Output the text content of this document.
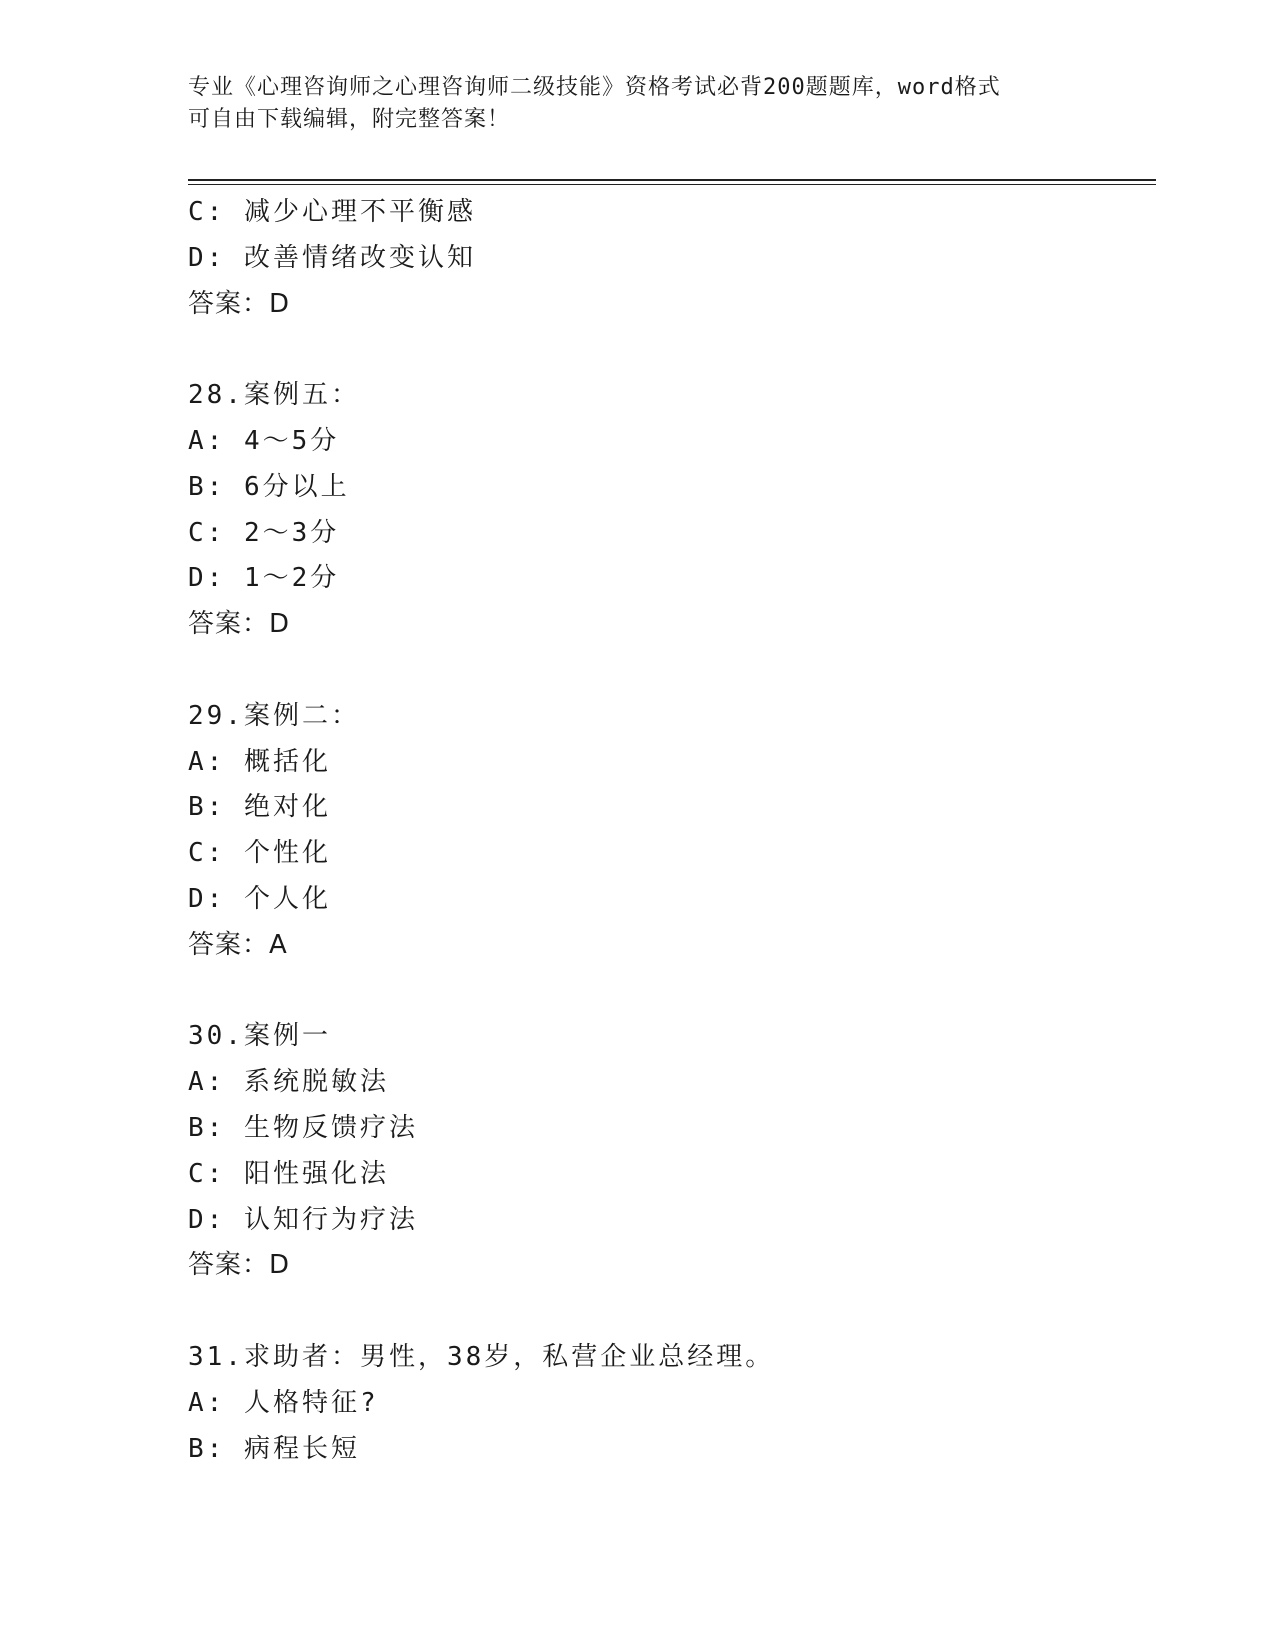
专业《心理咨询师之心理咨询师二级技能》资格考试必背200题题库，word格式
可自由下载编辑，附完整答案！
C: 减少心理不平衡感
D: 改善情绪改变认知
答案：D
28.案例五：
A: 4～5分
B: 6分以上
C: 2～3分
D: 1～2分
答案：D
29.案例二：
A: 概括化
B: 绝对化
C: 个性化
D: 个人化
答案：A
30.案例一
A: 系统脱敏法
B: 生物反馈疗法
C: 阳性强化法
D: 认知行为疗法
答案：D
31.求助者：男性，38岁，私营企业总经理。
A: 人格特征?
B: 病程长短
